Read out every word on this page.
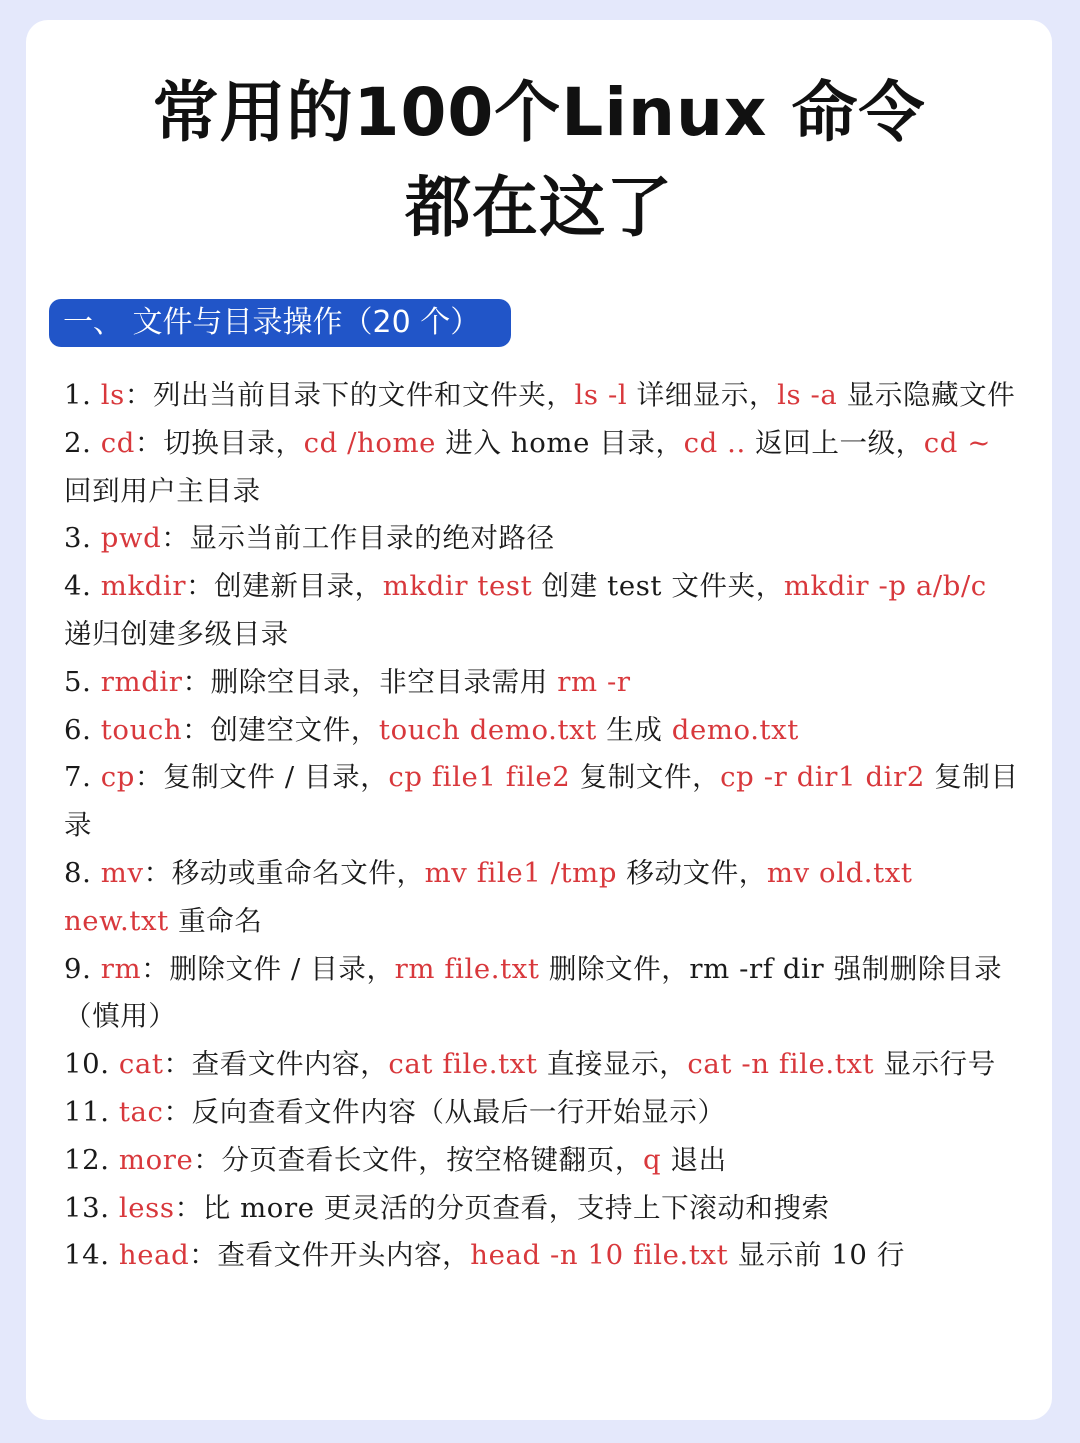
常用的100个Linux 命令
都在这了
一、 文件与目录操作（20 个）

1. ls：列出当前目录下的文件和文件夹，ls -l 详细显示，ls -a 显示隐藏文件

2. cd：切换目录，cd /home 进入 home 目录，cd .. 返回上一级，cd ~ 回到用户主目录

3. pwd：显示当前工作目录的绝对路径

4. mkdir：创建新目录，mkdir test 创建 test 文件夹，mkdir -p a/b/c 递归创建多级目录

5. rmdir：删除空目录，非空目录需用 rm -r

6. touch：创建空文件，touch demo.txt 生成 demo.txt

7. cp：复制文件 / 目录，cp file1 file2 复制文件，cp -r dir1 dir2 复制目录

8. mv：移动或重命名文件，mv file1 /tmp 移动文件，mv old.txt new.txt 重命名

9. rm：删除文件 / 目录，rm file.txt 删除文件，rm -rf dir 强制删除目录（慎用）

10. cat：查看文件内容，cat file.txt 直接显示，cat -n file.txt 显示行号

11. tac：反向查看文件内容（从最后一行开始显示）

12. more：分页查看长文件，按空格键翻页，q 退出

13. less：比 more 更灵活的分页查看，支持上下滚动和搜索

14. head：查看文件开头内容，head -n 10 file.txt 显示前 10 行
